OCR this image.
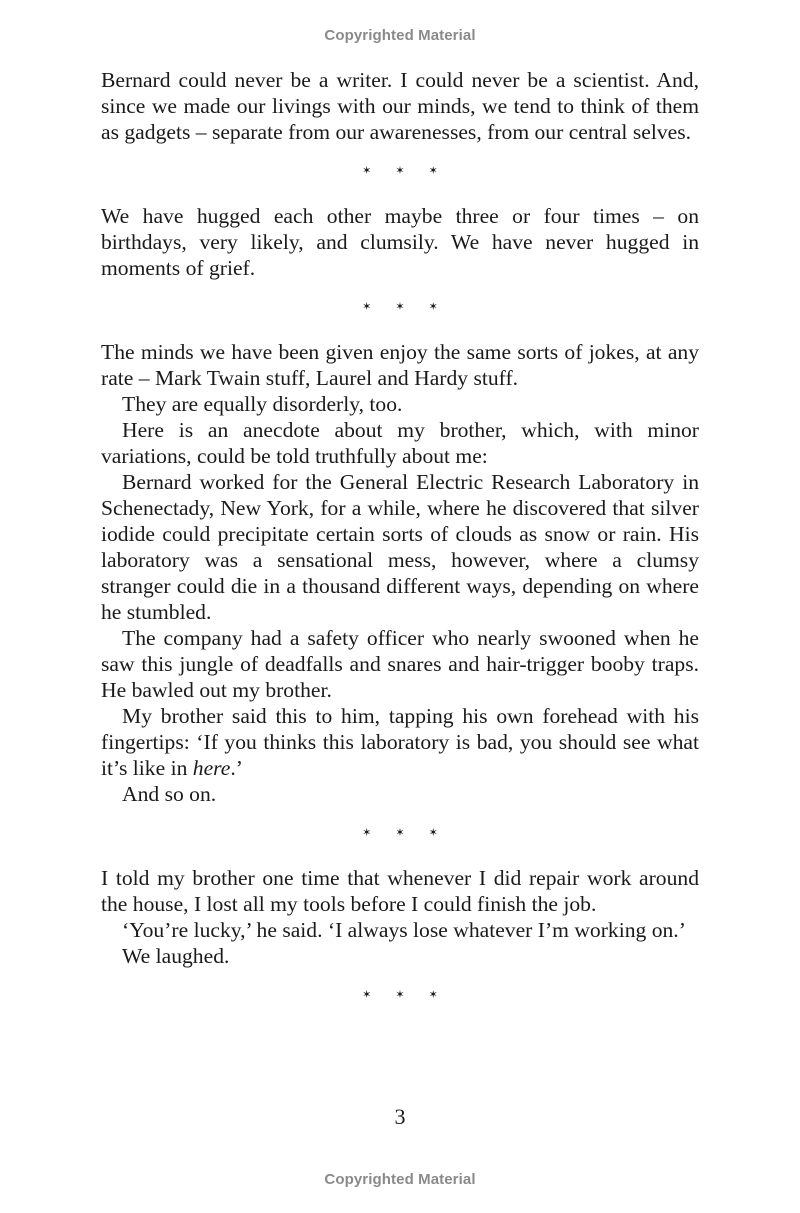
Copyrighted Material

Bernard could never be a writer. I could never be a scientist. And, since we made our livings with our minds, we tend to think of them as gadgets – separate from our awarenesses, from our central selves.

✶ ✶ ✶

We have hugged each other maybe three or four times – on birthdays, very likely, and clumsily. We have never hugged in moments of grief.

✶ ✶ ✶

The minds we have been given enjoy the same sorts of jokes, at any rate – Mark Twain stuff, Laurel and Hardy stuff.

They are equally disorderly, too.

Here is an anecdote about my brother, which, with minor variations, could be told truthfully about me:

Bernard worked for the General Electric Research Laboratory in Schenectady, New York, for a while, where he discovered that silver iodide could precipitate certain sorts of clouds as snow or rain. His laboratory was a sensational mess, however, where a clumsy stranger could die in a thousand different ways, depending on where he stumbled.

The company had a safety officer who nearly swooned when he saw this jungle of deadfalls and snares and hair-trigger booby traps. He bawled out my brother.

My brother said this to him, tapping his own forehead with his fingertips: ‘If you thinks this laboratory is bad, you should see what it’s like in here.’

And so on.

✶ ✶ ✶

I told my brother one time that whenever I did repair work around the house, I lost all my tools before I could finish the job.

‘You’re lucky,’ he said. ‘I always lose whatever I’m working on.’

We laughed.

✶ ✶ ✶
3
Copyrighted Material
